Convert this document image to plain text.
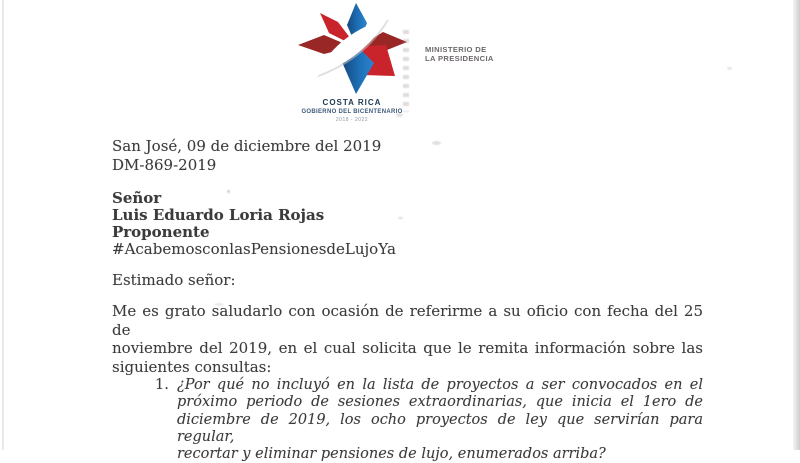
COSTA RICA
GOBIERNO DEL BICENTENARIO
2018 - 2022
MINISTERIO DE
LA PRESIDENCIA
San José, 09 de diciembre del 2019
DM-869-2019
Señor
Luis Eduardo Loria Rojas
Proponente
#AcabemosconlasPensionesdeLujoYa
Estimado señor:
Me es grato saludarlo con ocasión de referirme a su oficio con fecha del 25 de
noviembre del 2019, en el cual solicita que le remita información sobre las
siguientes consultas:
1. ¿Por qué no incluyó en la lista de proyectos a ser convocados en el
próximo periodo de sesiones extraordinarias, que inicia el 1ero de
diciembre de 2019, los ocho proyectos de ley que servirían para regular,
recortar y eliminar pensiones de lujo, enumerados arriba?
